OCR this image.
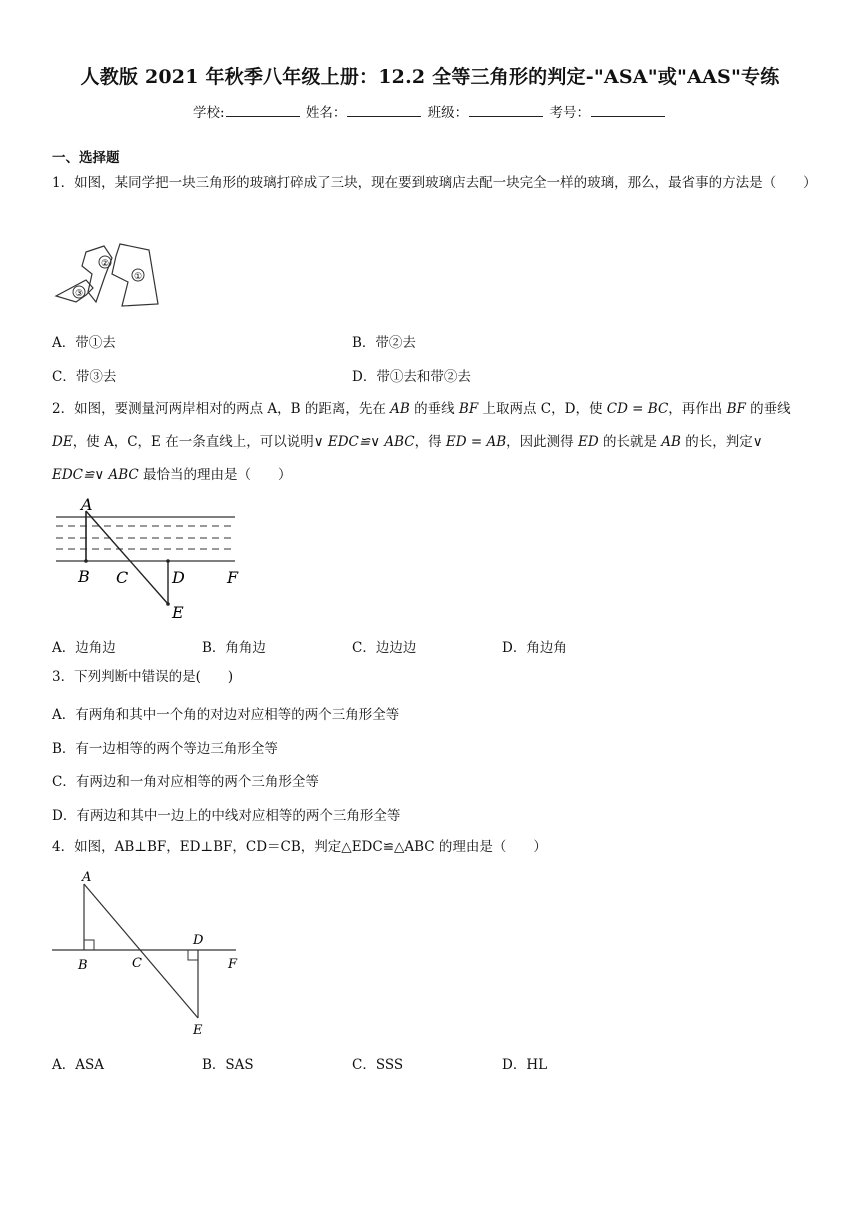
人教版 2021 年秋季八年级上册：12.2 全等三角形的判定-"ASA"或"AAS"专练
学校:	姓名：	班级：	考号：
一、选择题
1．如图，某同学把一块三角形的玻璃打碎成了三块，现在要到玻璃店去配一块完全一样的玻璃，那么，最省事的方法是（　　）
②
①
③
A．带①去	B．带②去
C．带③去	D．带①去和带②去
2．如图，要测量河两岸相对的两点 A，B 的距离，先在 AB 的垂线 BF 上取两点 C，D，使 CD = BC，再作出 BF 的垂线 DE，使 A，C，E 在一条直线上，可以说明∨ EDC≌∨ ABC，得 ED = AB，因此测得 ED 的长就是 AB 的长，判定∨ EDC≌∨ ABC 最恰当的理由是（　　）
A
B C	D	F
E
A．边角边	B．角角边	C．边边边	D．角边角
3．下列判断中错误的是(　　)
A．有两角和其中一个角的对边对应相等的两个三角形全等
B．有一边相等的两个等边三角形全等
C．有两边和一角对应相等的两个三角形全等
D．有两边和其中一边上的中线对应相等的两个三角形全等
4．如图，AB⊥BF，ED⊥BF，CD＝CB，判定△EDC≌△ABC 的理由是（　　）
A
B	C
D
F
E
A．ASA	B．SAS	C．SSS	D．HL
